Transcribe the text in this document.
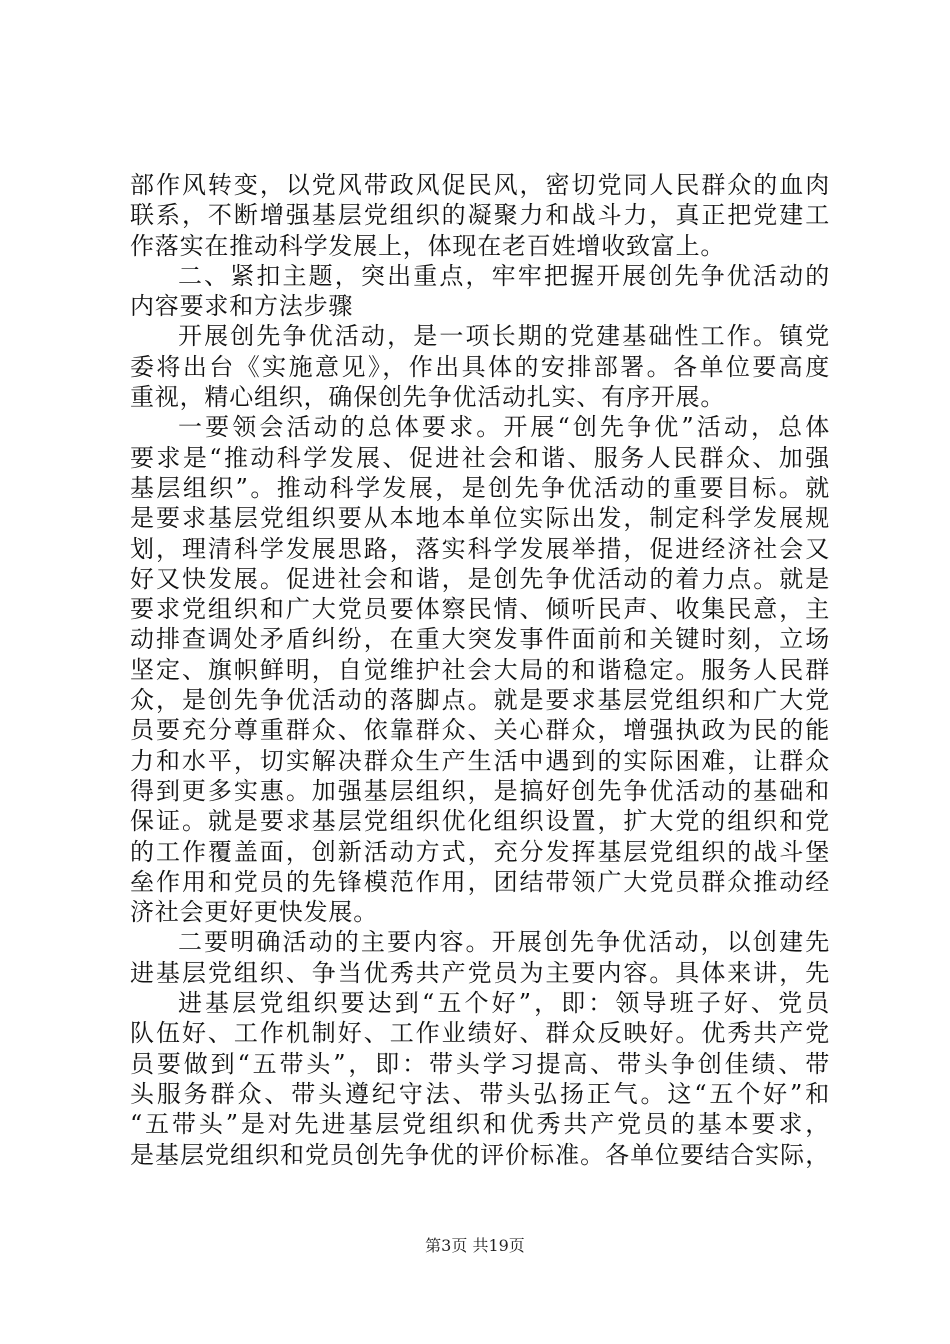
部作风转变，以党风带政风促民风，密切党同人民群众的血肉
联系，不断增强基层党组织的凝聚力和战斗力，真正把党建工
作落实在推动科学发展上，体现在老百姓增收致富上。
二、紧扣主题，突出重点，牢牢把握开展创先争优活动的
内容要求和方法步骤
开展创先争优活动，是一项长期的党建基础性工作。镇党
委将出台《实施意见》，作出具体的安排部署。各单位要高度
重视，精心组织，确保创先争优活动扎实、有序开展。
一要领会活动的总体要求。开展“创先争优”活动，总体
要求是“推动科学发展、促进社会和谐、服务人民群众、加强
基层组织”。推动科学发展，是创先争优活动的重要目标。就
是要求基层党组织要从本地本单位实际出发，制定科学发展规
划，理清科学发展思路，落实科学发展举措，促进经济社会又
好又快发展。促进社会和谐，是创先争优活动的着力点。就是
要求党组织和广大党员要体察民情、倾听民声、收集民意，主
动排查调处矛盾纠纷，在重大突发事件面前和关键时刻，立场
坚定、旗帜鲜明，自觉维护社会大局的和谐稳定。服务人民群
众，是创先争优活动的落脚点。就是要求基层党组织和广大党
员要充分尊重群众、依靠群众、关心群众，增强执政为民的能
力和水平，切实解决群众生产生活中遇到的实际困难，让群众
得到更多实惠。加强基层组织，是搞好创先争优活动的基础和
保证。就是要求基层党组织优化组织设置，扩大党的组织和党
的工作覆盖面，创新活动方式，充分发挥基层党组织的战斗堡
垒作用和党员的先锋模范作用，团结带领广大党员群众推动经
济社会更好更快发展。
二要明确活动的主要内容。开展创先争优活动，以创建先
进基层党组织、争当优秀共产党员为主要内容。具体来讲，先
进基层党组织要达到“五个好”，即：领导班子好、党员
队伍好、工作机制好、工作业绩好、群众反映好。优秀共产党
员要做到“五带头”，即：带头学习提高、带头争创佳绩、带
头服务群众、带头遵纪守法、带头弘扬正气。这“五个好”和
“五带头”是对先进基层党组织和优秀共产党员的基本要求，
是基层党组织和党员创先争优的评价标准。各单位要结合实际，
第3页 共19页
